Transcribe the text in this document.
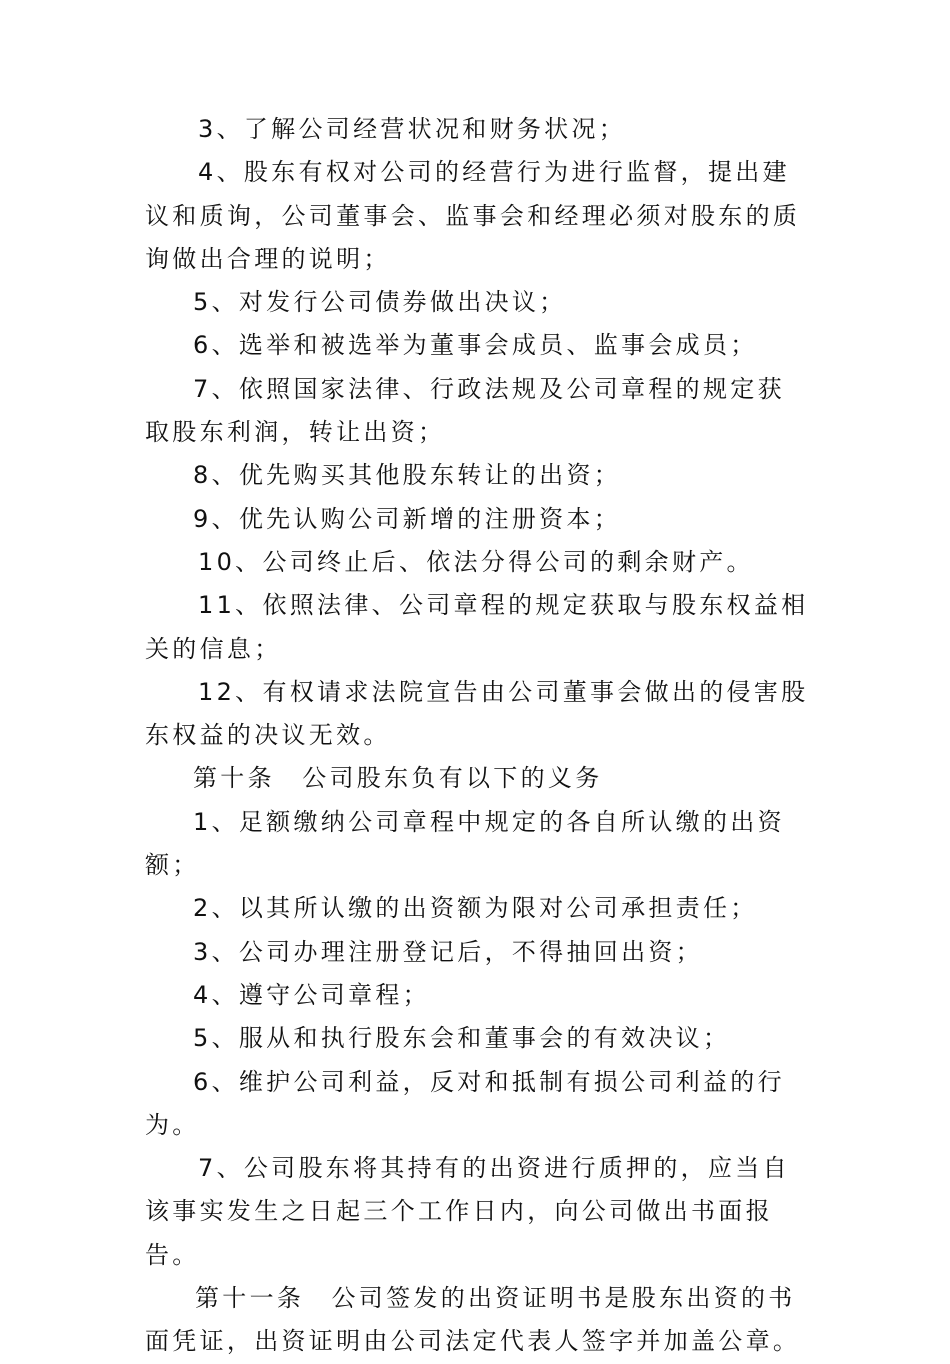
3、了解公司经营状况和财务状况；

4、股东有权对公司的经营行为进行监督，提出建议和质询，公司董事会、监事会和经理必须对股东的质询做出合理的说明；

5、对发行公司债券做出决议；

6、选举和被选举为董事会成员、监事会成员；

7、依照国家法律、行政法规及公司章程的规定获取股东利润，转让出资；

8、优先购买其他股东转让的出资；

9、优先认购公司新增的注册资本；

10、公司终止后、依法分得公司的剩余财产。

11、依照法律、公司章程的规定获取与股东权益相关的信息；

12、有权请求法院宣告由公司董事会做出的侵害股东权益的决议无效。

第十条　公司股东负有以下的义务

1、足额缴纳公司章程中规定的各自所认缴的出资额；

2、以其所认缴的出资额为限对公司承担责任；

3、公司办理注册登记后，不得抽回出资；

4、遵守公司章程；

5、服从和执行股东会和董事会的有效决议；

6、维护公司利益，反对和抵制有损公司利益的行为。

7、公司股东将其持有的出资进行质押的，应当自该事实发生之日起三个工作日内，向公司做出书面报告。

第十一条　公司签发的出资证明书是股东出资的书面凭证，出资证明由公司法定代表人签字并加盖公章。
